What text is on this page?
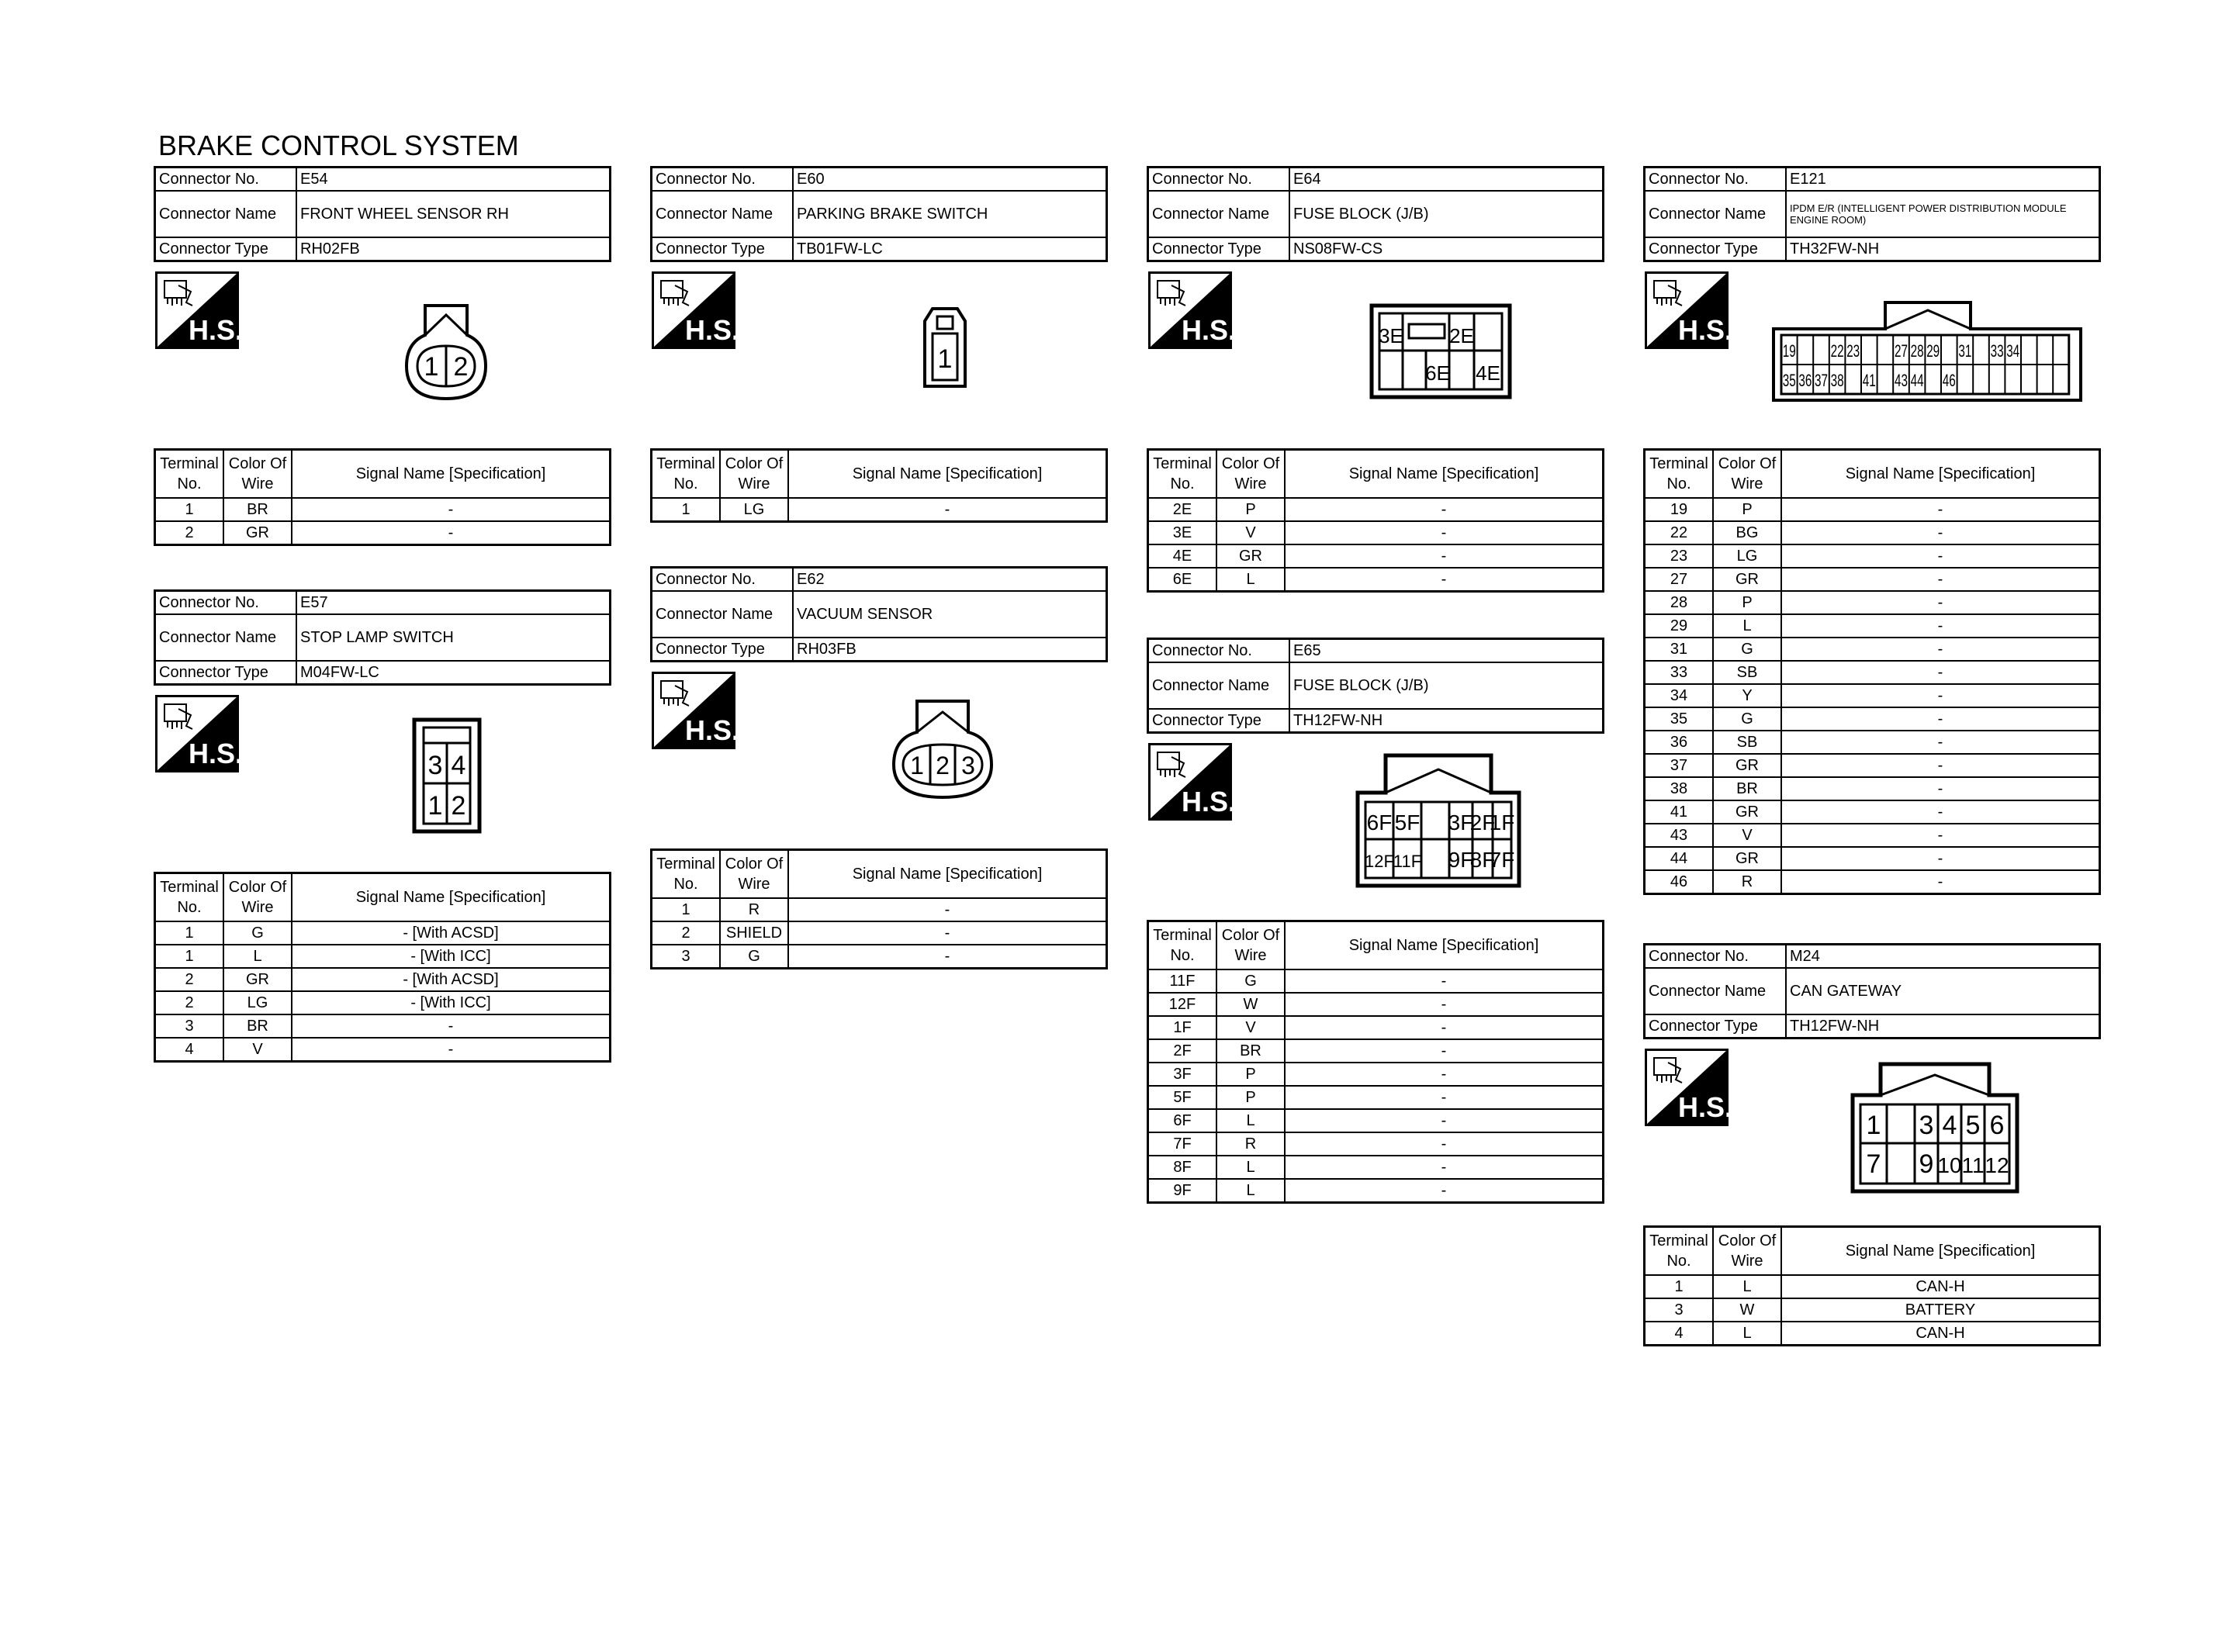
BRAKE CONTROL SYSTEM
Connector No.	E54
Connector Name	FRONT WHEEL SENSOR RH
Connector Type	RH02FB
H.S.
1 2
Terminal
No.	Color Of
Wire	Signal Name [Specification]
1	BR	-
2	GR	-
Connector No.	E57
Connector Name	STOP LAMP SWITCH
Connector Type	M04FW-LC
H.S.	3 4
1 2
Terminal
No.	Color Of
Wire	Signal Name [Specification]
1	G	- [With ACSD]
1	L	- [With ICC]
2	GR	- [With ACSD]
2	LG	- [With ICC]
3	BR	-
4	V	-
Connector No.	E60
Connector Name	PARKING BRAKE SWITCH
Connector Type	TB01FW-LC
H.S.
1
Terminal
No.	Color Of
Wire	Signal Name [Specification]
1	LG	-
Connector No.	E62
Connector Name	VACUUM SENSOR
Connector Type	RH03FB
H.S.
1 2 3
Terminal
No.	Color Of
Wire	Signal Name [Specification]
1	R	-
2	SHIELD	-
3	G	-
Connector No.	E64
Connector Name	FUSE BLOCK (J/B)
Connector Type	NS08FW-CS
H.S.	3E 2E
6E 4E
Terminal
No.	Color Of
Wire	Signal Name [Specification]
2E	P	-
3E	V	-
4E	GR	-
6E	L	-
Connector No.	E65
Connector Name	FUSE BLOCK (J/B)
Connector Type	TH12FW-NH
H.S.
6F 5F 3F
2F
1F
12F
11F 9F
8F
7F
Terminal
No.	Color Of
Wire	Signal Name [Specification]
11F	G	-
12F	W	-
1F	V	-
2F	BR	-
3F	P	-
5F	P	-
6F	L	-
7F	R	-
8F	L	-
9F	L	-
Connector No.	E121
Connector Name	IPDM E/R (INTELLIGENT POWER DISTRIBUTION MODULE ENGINE ROOM)
Connector Type	TH32FW-NH
H.S.
19 22 23 27 28 29 31 33 34
35 36 37 38 41 43 44 46
Terminal
No.	Color Of
Wire	Signal Name [Specification]
19	P	-
22	BG	-
23	LG	-
27	GR	-
28	P	-
29	L	-
31	G	-
33	SB	-
34	Y	-
35	G	-
36	SB	-
37	GR	-
38	BR	-
41	GR	-
43	V	-
44	GR	-
46	R	-
Connector No.	M24
Connector Name	CAN GATEWAY
Connector Type	TH12FW-NH
H.S.
1 3 4 5 6
7 9 10 11 12
Terminal
No.	Color Of
Wire	Signal Name [Specification]
1	L	CAN-H
3	W	BATTERY
4	L	CAN-H
